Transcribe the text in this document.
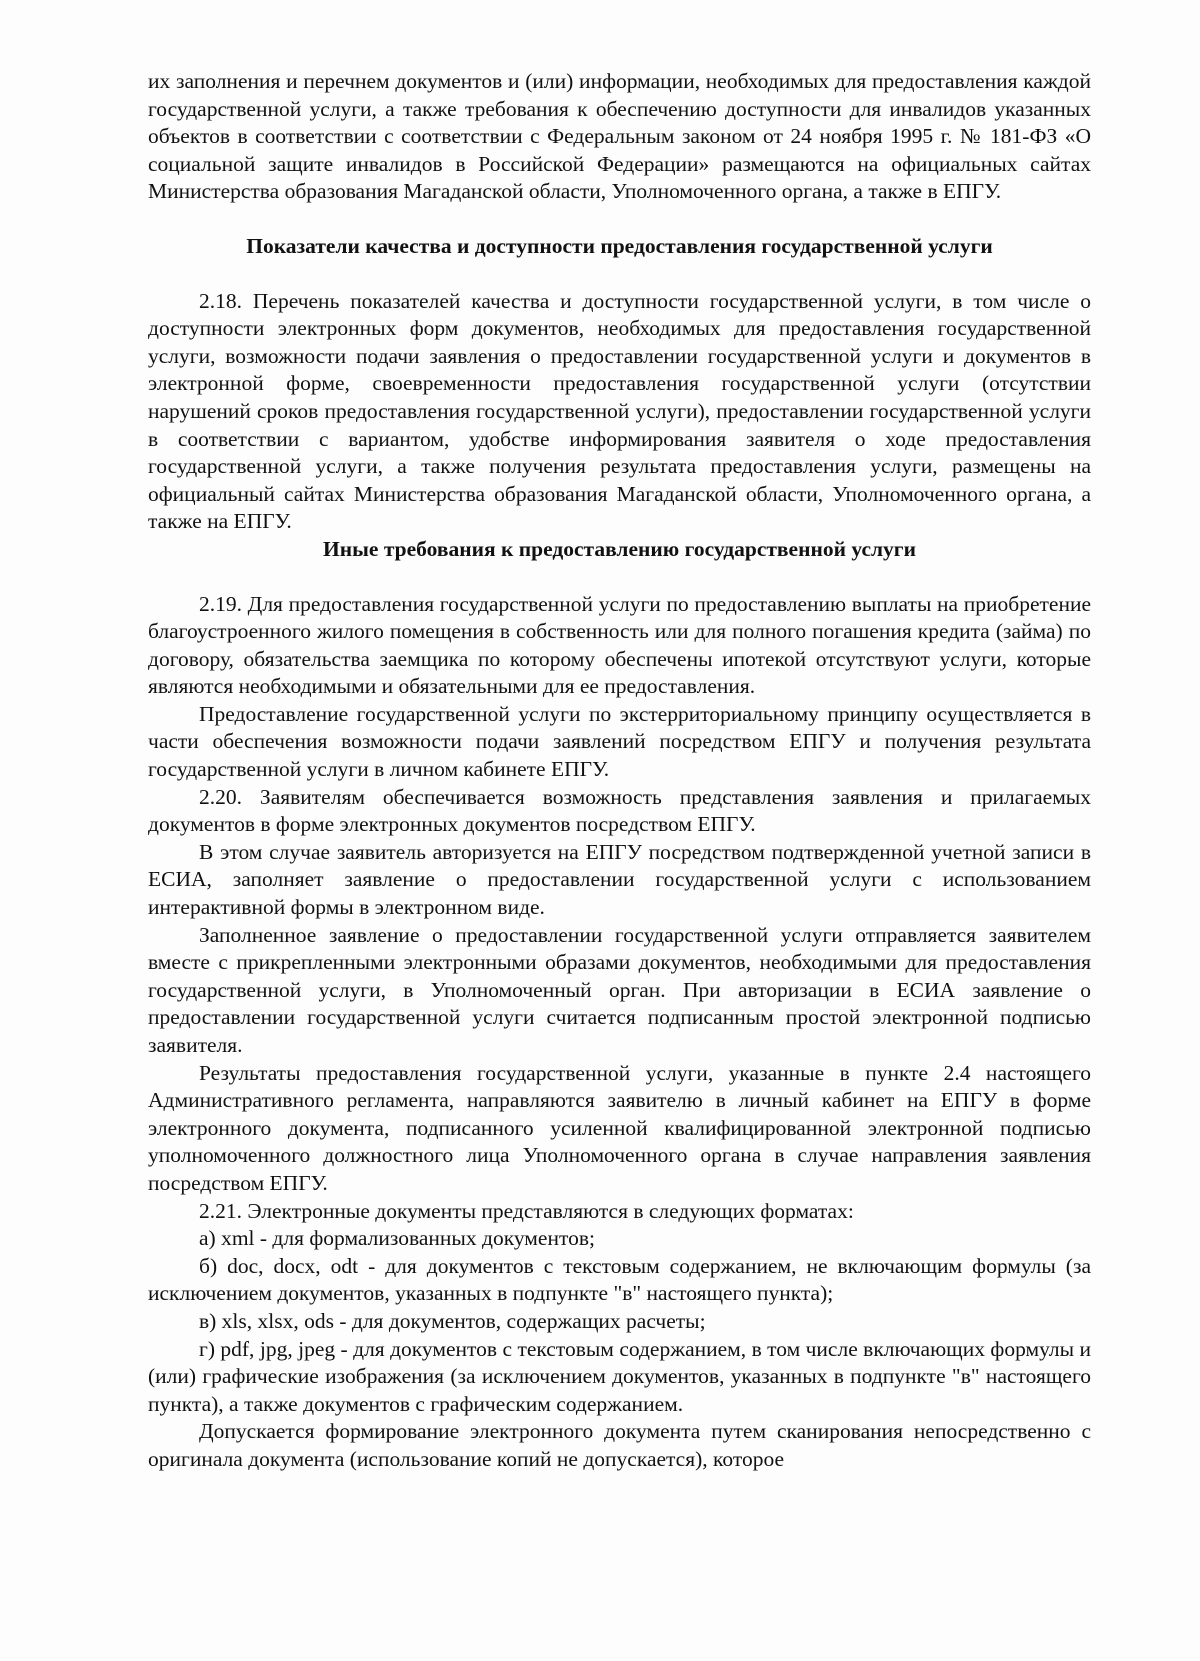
их заполнения и перечнем документов и (или) информации, необходимых для предоставления каждой государственной услуги, а также требования к обеспечению доступности для инвалидов указанных объектов в соответствии с соответствии с Федеральным законом от 24 ноября 1995 г. № 181-ФЗ «О социальной защите инвалидов в Российской Федерации» размещаются на официальных сайтах Министерства образования Магаданской области, Уполномоченного органа, а также в ЕПГУ.

Показатели качества и доступности предоставления государственной услуги

2.18. Перечень показателей качества и доступности государственной услуги, в том числе о доступности электронных форм документов, необходимых для предоставления государственной услуги, возможности подачи заявления о предоставлении государственной услуги и документов в электронной форме, своевременности предоставления государственной услуги (отсутствии нарушений сроков предоставления государственной услуги), предоставлении государственной услуги в соответствии с вариантом, удобстве информирования заявителя о ходе предоставления государственной услуги, а также получения результата предоставления услуги, размещены на официальный сайтах Министерства образования Магаданской области, Уполномоченного органа, а также на ЕПГУ.

Иные требования к предоставлению государственной услуги

2.19. Для предоставления государственной услуги по предоставлению выплаты на приобретение благоустроенного жилого помещения в собственность или для полного погашения кредита (займа) по договору, обязательства заемщика по которому обеспечены ипотекой отсутствуют услуги, которые являются необходимыми и обязательными для ее предоставления.

Предоставление государственной услуги по экстерриториальному принципу осуществляется в части обеспечения возможности подачи заявлений посредством ЕПГУ и получения результата государственной услуги в личном кабинете ЕПГУ.

2.20. Заявителям обеспечивается возможность представления заявления и прилагаемых документов в форме электронных документов посредством ЕПГУ.

В этом случае заявитель авторизуется на ЕПГУ посредством подтвержденной учетной записи в ЕСИА, заполняет заявление о предоставлении государственной услуги с использованием интерактивной формы в электронном виде.

Заполненное заявление о предоставлении государственной услуги отправляется заявителем вместе с прикрепленными электронными образами документов, необходимыми для предоставления государственной услуги, в Уполномоченный орган. При авторизации в ЕСИА заявление о предоставлении государственной услуги считается подписанным простой электронной подписью заявителя.

Результаты предоставления государственной услуги, указанные в пункте 2.4 настоящего Административного регламента, направляются заявителю в личный кабинет на ЕПГУ в форме электронного документа, подписанного усиленной квалифицированной электронной подписью уполномоченного должностного лица Уполномоченного органа в случае направления заявления посредством ЕПГУ.

2.21. Электронные документы представляются в следующих форматах:

а) xml - для формализованных документов;

б) doc, docx, odt - для документов с текстовым содержанием, не включающим формулы (за исключением документов, указанных в подпункте "в" настоящего пункта);

в) xls, xlsx, ods - для документов, содержащих расчеты;

г) pdf, jpg, jpeg - для документов с текстовым содержанием, в том числе включающих формулы и (или) графические изображения (за исключением документов, указанных в подпункте "в" настоящего пункта), а также документов с графическим содержанием.

Допускается формирование электронного документа путем сканирования непосредственно с оригинала документа (использование копий не допускается), которое
